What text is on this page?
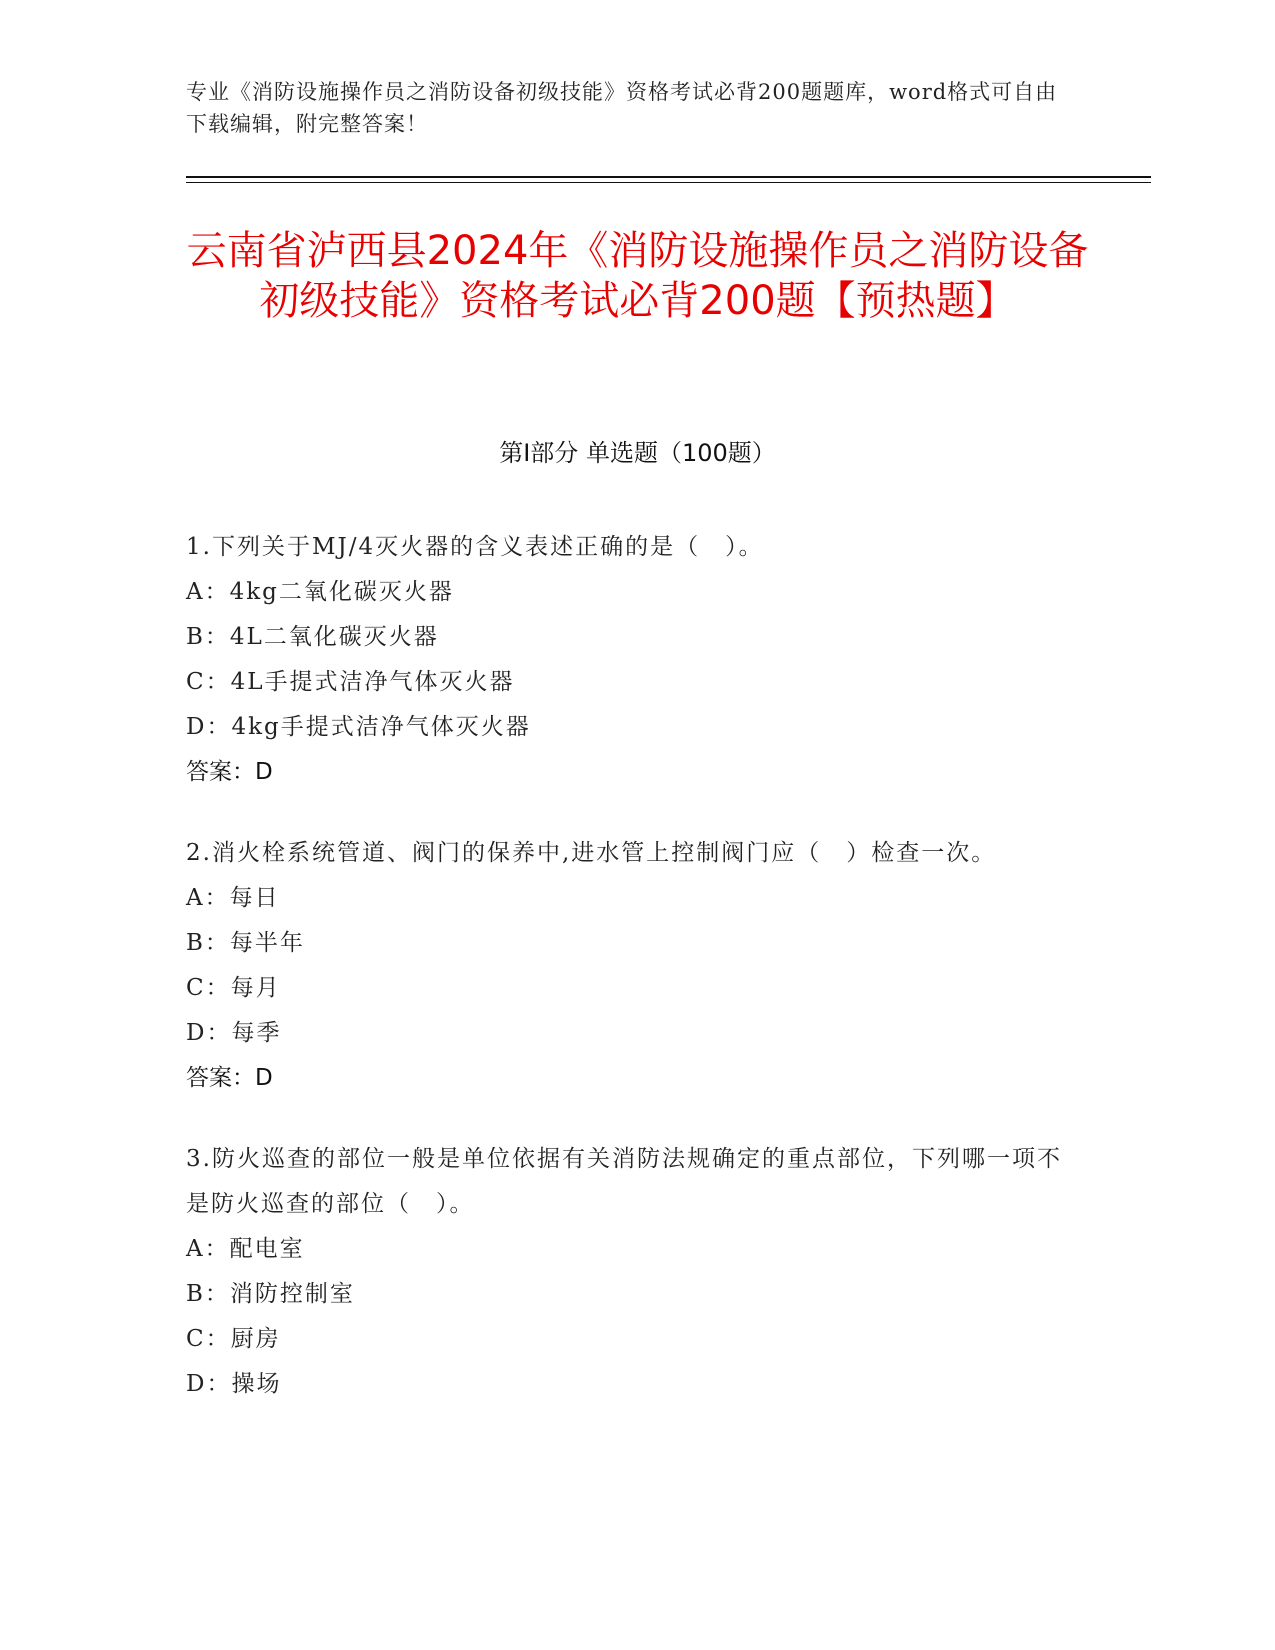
专业《消防设施操作员之消防设备初级技能》资格考试必背200题题库，word格式可自由下载编辑，附完整答案！
云南省泸西县2024年《消防设施操作员之消防设备初级技能》资格考试必背200题【预热题】
第Ⅰ部分 单选题（100题）
1.下列关于MJ/4灭火器的含义表述正确的是（　）。
A：4kg二氧化碳灭火器
B：4L二氧化碳灭火器
C：4L手提式洁净气体灭火器
D：4kg手提式洁净气体灭火器
答案：D
2.消火栓系统管道、阀门的保养中,进水管上控制阀门应（　）检查一次。
A：每日
B：每半年
C：每月
D：每季
答案：D
3.防火巡查的部位一般是单位依据有关消防法规确定的重点部位，下列哪一项不是防火巡查的部位（　）。
A：配电室
B：消防控制室
C：厨房
D：操场
